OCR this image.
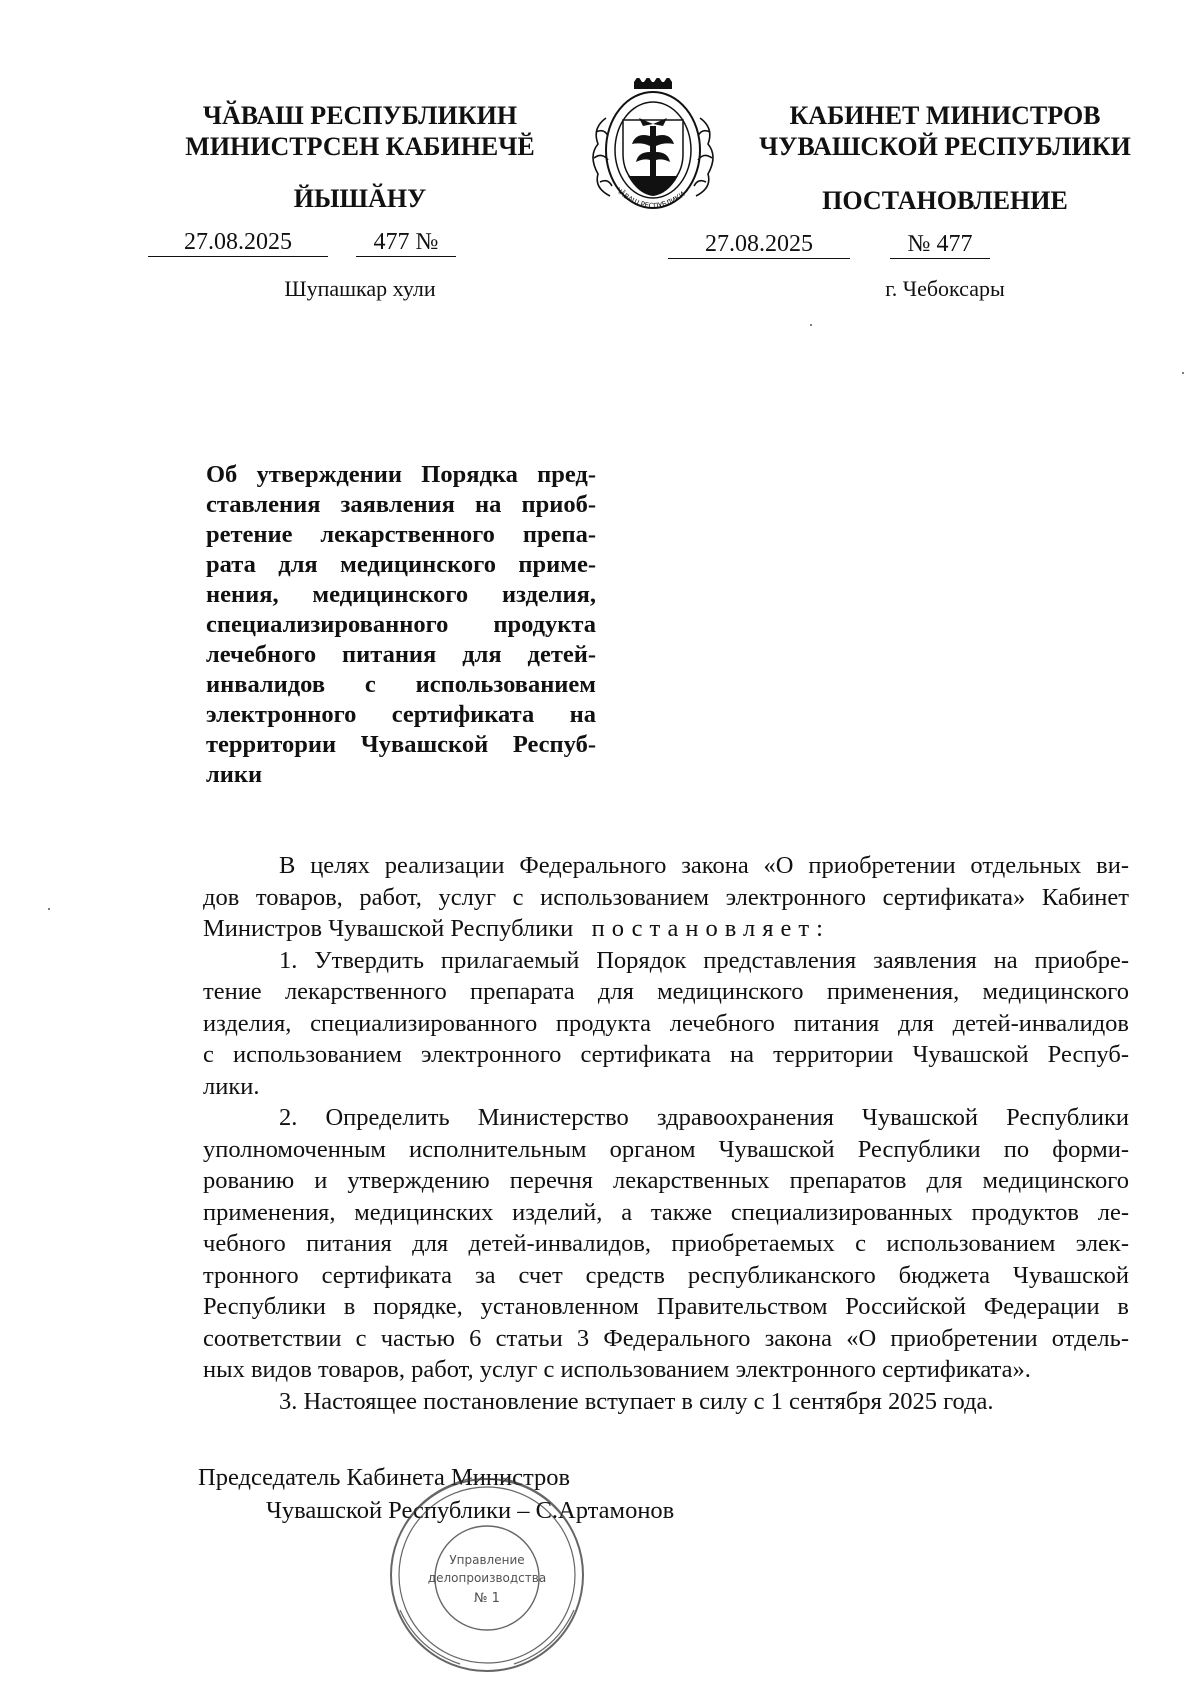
ЧӐВАШ РЕСПУБЛИКИН
МИНИСТРСЕН КАБИНЕЧӖ
ЙЫШӐНУ
КАБИНЕТ МИНИСТРОВ
ЧУВАШСКОЙ РЕСПУБЛИКИ
ПОСТАНОВЛЕНИЕ
ЧĂВАШ РЕСПУБЛИКИ •
27.08.2025	477 №
Шупашкар хули
27.08.2025	№ 477
г. Чебоксары
Об утверждении Порядка пред-
ставления заявления на приоб-
ретение лекарственного препа-
рата для медицинского приме-
нения, медицинского изделия,
специализированного продукта
лечебного питания для детей-
инвалидов с использованием
электронного сертификата на
территории Чувашской Респуб-
лики

В целях реализации Федерального закона «О приобретении отдельных ви-
дов товаров, работ, услуг с использованием электронного сертификата» Кабинет
Министров Чувашской Республики постановляет:

1. Утвердить прилагаемый Порядок представления заявления на приобре-
тение лекарственного препарата для медицинского применения, медицинского
изделия, специализированного продукта лечебного питания для детей-инвалидов
с использованием электронного сертификата на территории Чувашской Респуб-
лики.

2. Определить Министерство здравоохранения Чувашской Республики
уполномоченным исполнительным органом Чувашской Республики по форми-
рованию и утверждению перечня лекарственных препаратов для медицинского
применения, медицинских изделий, а также специализированных продуктов ле-
чебного питания для детей-инвалидов, приобретаемых с использованием элек-
тронного сертификата за счет средств республиканского бюджета Чувашской
Республики в порядке, установленном Правительством Российской Федерации в
соответствии с частью 6 статьи 3 Федерального закона «О приобретении отдель-
ных видов товаров, работ, услуг с использованием электронного сертификата».

3. Настоящее постановление вступает в силу с 1 сентября 2025 года.

Председатель Кабинета Министров
Чувашской Республики – С.Артамонов
Управление
делопроизводства
№ 1
